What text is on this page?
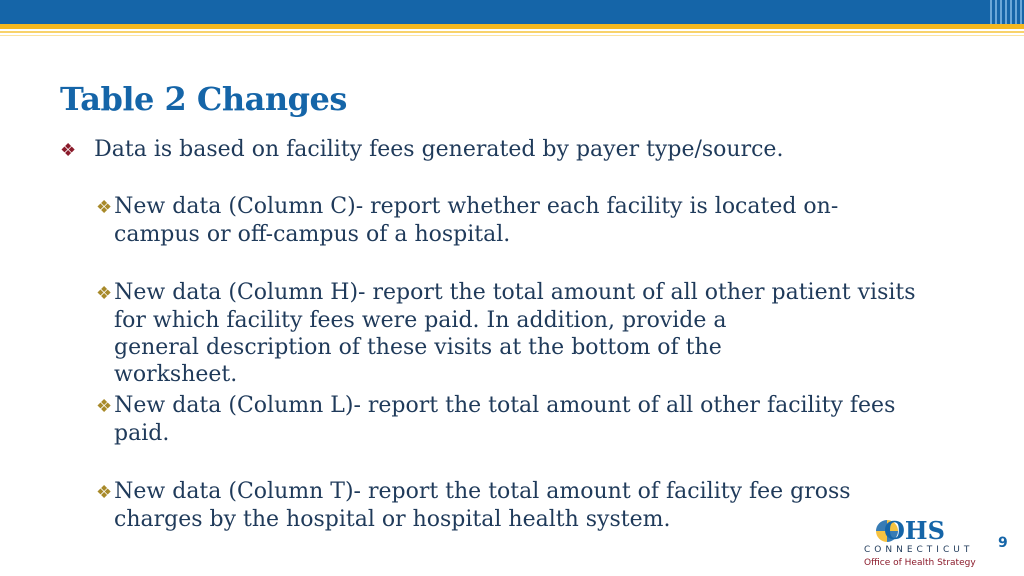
Table 2 Changes
❖ Data is based on facility fees generated by payer type/source.
❖New data (Column C)- report whether each facility is located on-
campus or off-campus of a hospital.
❖New data (Column H)- report the total amount of all other patient visits
for which facility fees were paid. In addition, provide a general description of these visits at the bottom of the worksheet.
❖New data (Column L)- report the total amount of all other facility fees
paid.
❖New data (Column T)- report the total amount of facility fee gross
charges by the hospital or hospital health system.	OHS
CONNECTICUT
Office of Health Strategy
9
